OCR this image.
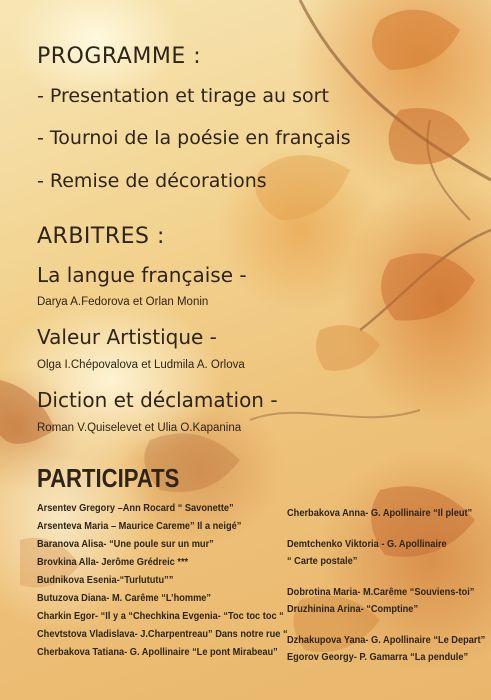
PROGRAMME :
- Presentation et tirage au sort
- Tournoi de la poésie en français
- Remise de décorations
ARBITRES :
La langue française -
Darya A.Fedorova et Orlan Monin
Valeur Artistique -
Olga I.Chépovalova et Ludmila A. Orlova
Diction et déclamation -
Roman V.Quiselevet et Ulia O.Kapanina
PARTICIPATS
Arsentev Gregory –Ann Rocard “ Savonette”
Arsenteva Maria – Maurice Careme” Il a neigé”
Baranova Alisa- “Une poule sur un mur”
Brovkina Alla- Jerôme Grédreic ***
Budnikova Esenia-“Turlututu””
Butuzova Diana- M. Carême “L’homme”
Charkin Egor- “Il y a “Chechkina Evgenia- “Toc toc toc “
Chevtstova Vladislava- J.Charpentreau” Dans notre rue “
Cherbakova Tatiana- G. Apollinaire “Le pont Mirabeau”
Cherbakova Anna- G. Apollinaire “Il pleut”
Demtchenko Viktoria - G. Apollinaire
“ Carte postale”
Dobrotina Maria- M.Carême “Souviens-toi”
Druzhinina Arina- “Comptine”
Dzhakupova Yana- G. Apollinaire “Le Depart”
Egorov Georgy- P. Gamarra “La pendule”
